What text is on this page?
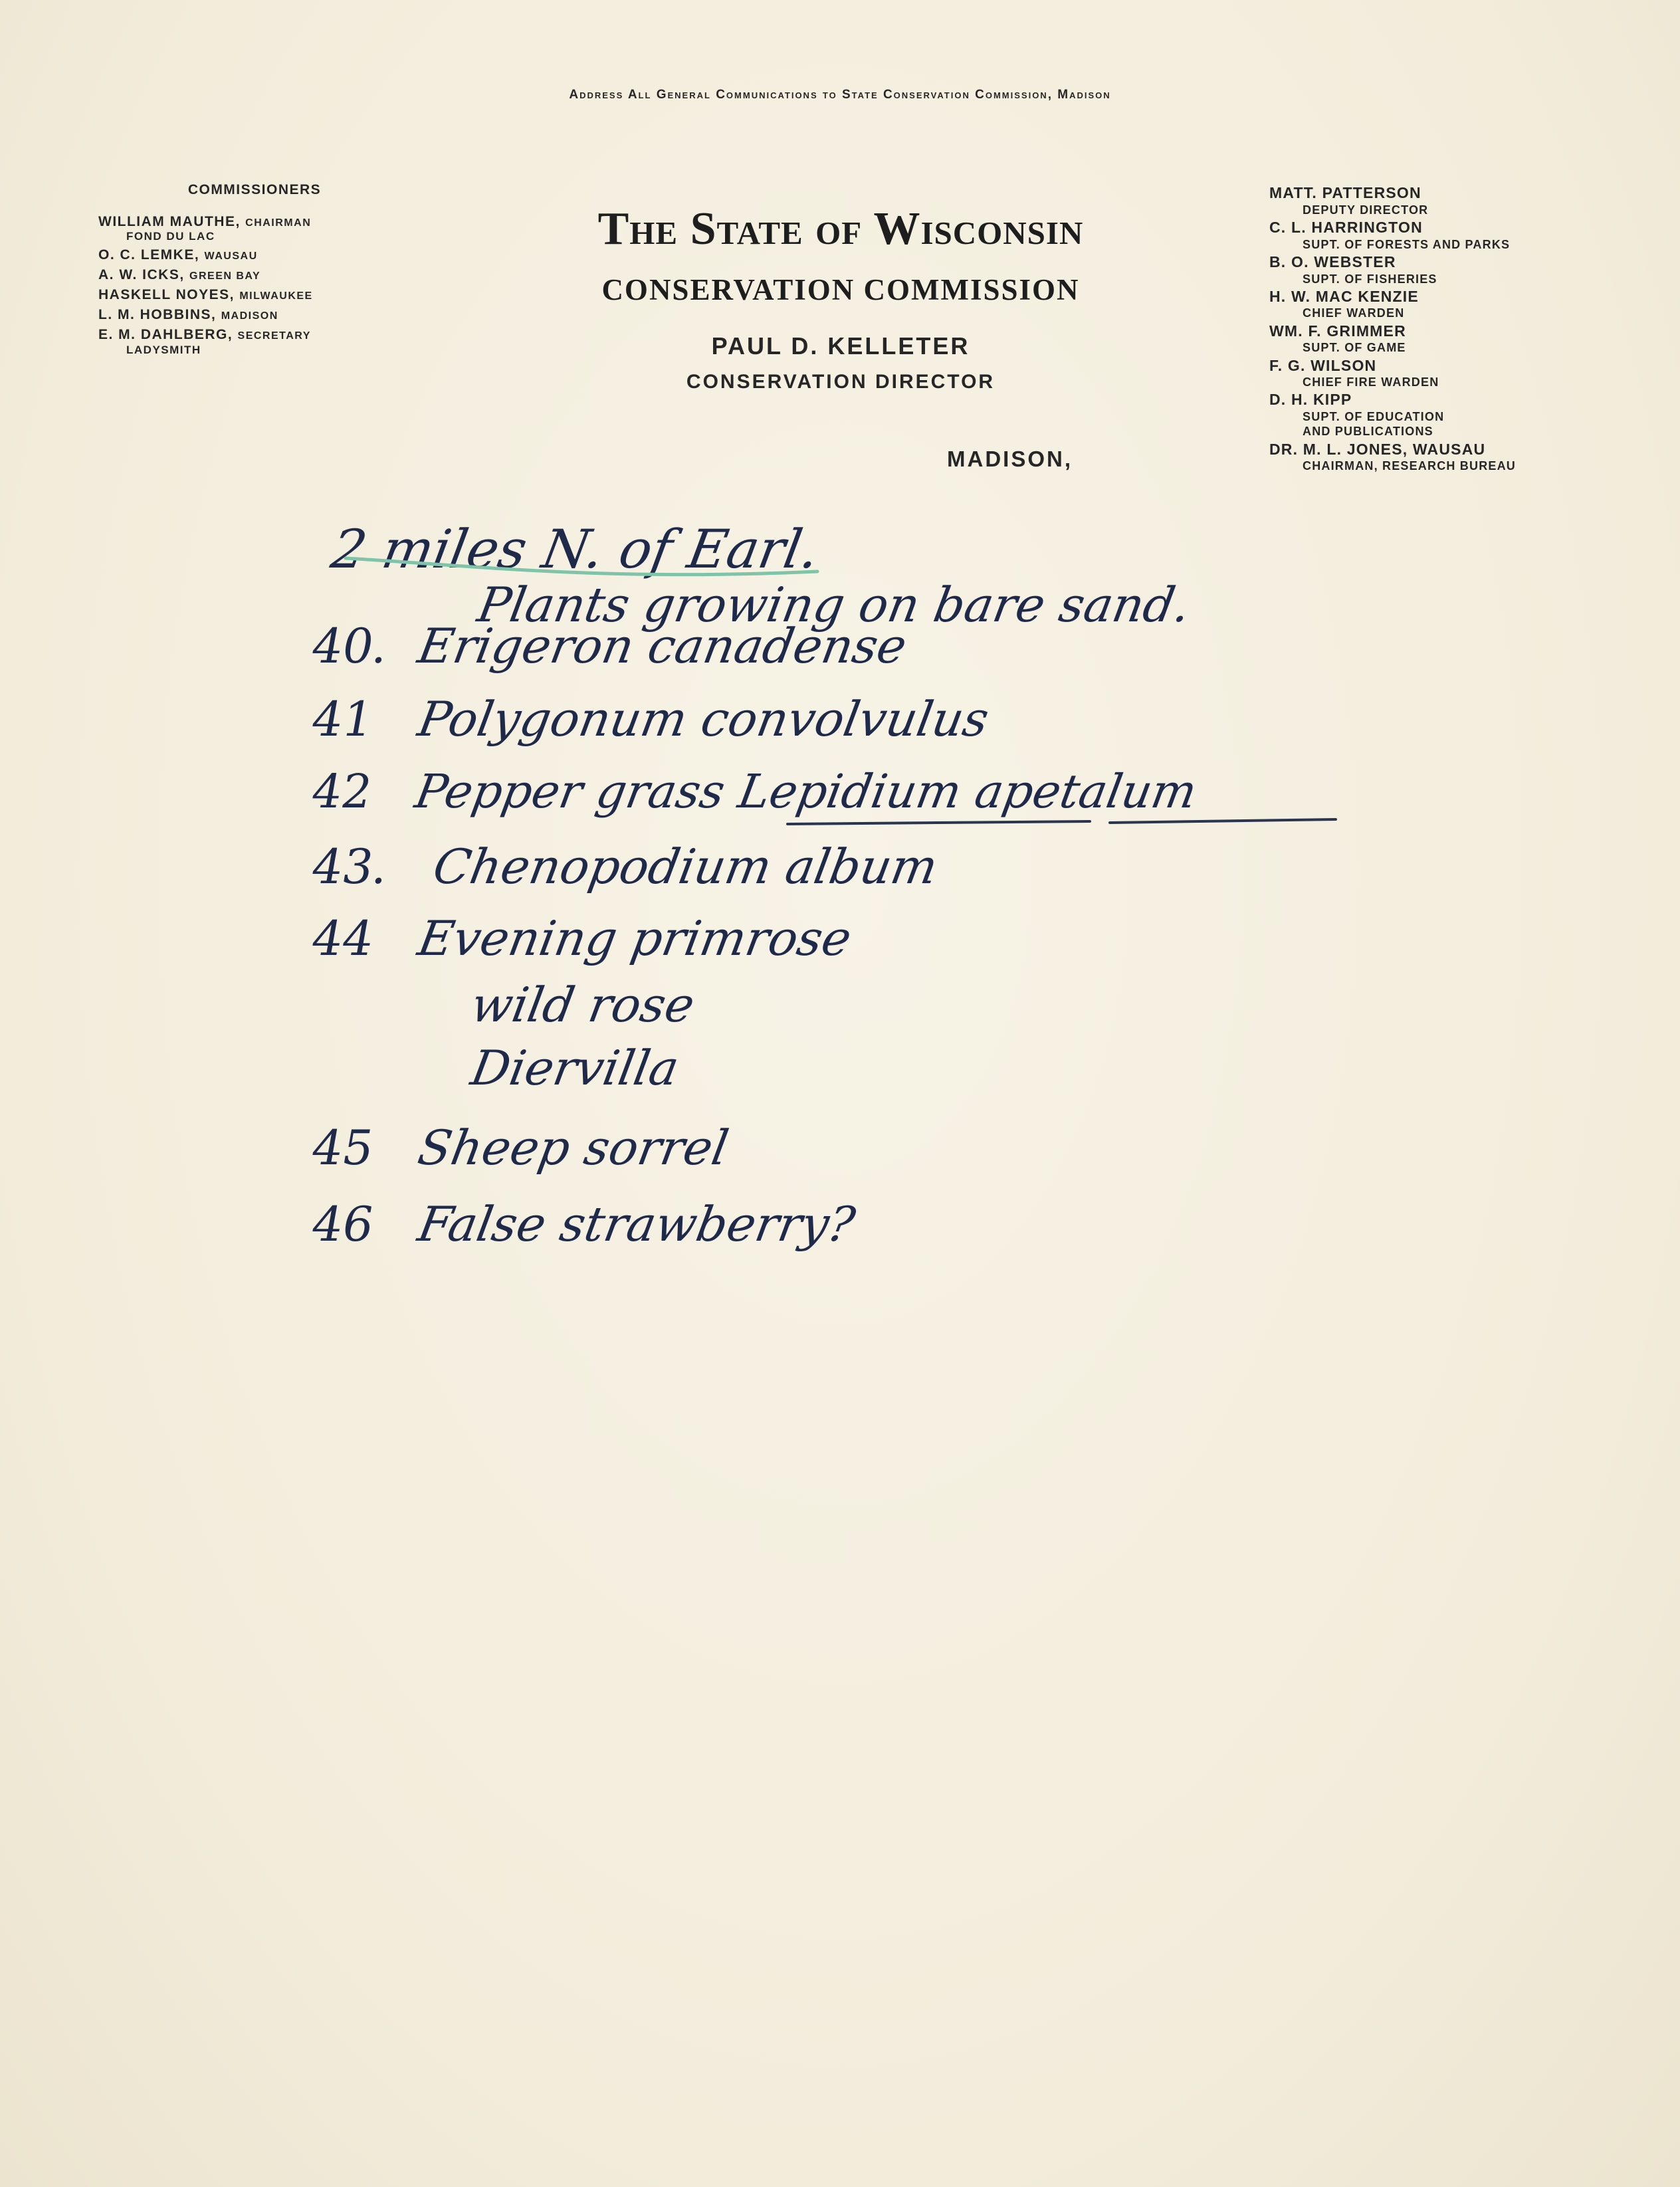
Address All General Communications to State Conservation Commission, Madison
COMMISSIONERS
WILLIAM MAUTHE, CHAIRMAN
FOND DU LAC
O. C. LEMKE, WAUSAU
A. W. ICKS, GREEN BAY
HASKELL NOYES, MILWAUKEE
L. M. HOBBINS, MADISON
E. M. DAHLBERG, SECRETARY
LADYSMITH
The State of Wisconsin
CONSERVATION COMMISSION
PAUL D. KELLETER
CONSERVATION DIRECTOR
MADISON,
MATT. PATTERSON
DEPUTY DIRECTOR
C. L. HARRINGTON
SUPT. OF FORESTS AND PARKS
B. O. WEBSTER
SUPT. OF FISHERIES
H. W. MAC KENZIE
CHIEF WARDEN
WM. F. GRIMMER
SUPT. OF GAME
F. G. WILSON
CHIEF FIRE WARDEN
D. H. KIPP
SUPT. OF EDUCATION
AND PUBLICATIONS
DR. M. L. JONES, WAUSAU
CHAIRMAN, RESEARCH BUREAU
2 miles N. of Earl.
Plants growing on bare sand.
40. Erigeron canadense
41 Polygonum convolvulus
42 Pepper grass Lepidium apetalum
43. Chenopodium album
44 Evening primrose
wild rose
Diervilla
45 Sheep sorrel
46 False strawberry?
